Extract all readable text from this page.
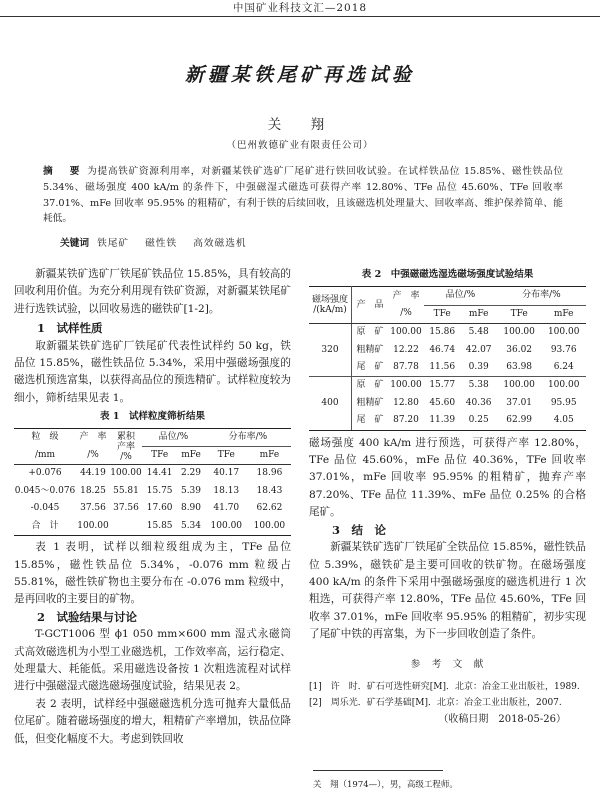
中国矿业科技文汇—2018
新疆某铁尾矿再选试验
关　翔
（巴州敦德矿业有限责任公司）
摘　要 为提高铁矿资源利用率，对新疆某铁矿选矿厂尾矿进行铁回收试验。在试样铁品位 15.85%、磁性铁品位 5.34%、磁场强度 400 kA/m 的条件下，中强磁湿式磁选可获得产率 12.80%、TFe 品位 45.60%、TFe 回收率 37.01%、mFe 回收率 95.95% 的粗精矿，有利于铁的后续回收，且该磁选机处理量大、回收率高、维护保养简单、能耗低。
关键词 铁尾矿 磁性铁 高效磁选机

新疆某铁矿选矿厂铁尾矿铁品位 15.85%，具有较高的回收利用价值。为充分利用现有铁矿资源，对新疆某铁尾矿进行选铁试验，以回收易选的磁铁矿[1-2]。

1　试样性质

取新疆某铁矿选矿厂铁尾矿代表性试样约 50 kg，铁品位 15.85%，磁性铁品位 5.34%，采用中强磁场强度的磁选机预选富集，以获得高品位的预选精矿。试样粒度较为细小，筛析结果见表 1。

表 1　试样粒度筛析结果
粒　级
/mm	产　率
/%	累积
产率
/%	品位/%		分布率/%	
			TFe	mFe	TFe	mFe
+0.076	44.19	100.00	14.41	2.29	40.17	18.96
0.045～0.076	18.25	55.81	15.75	5.39	18.13	18.43
-0.045	37.56	37.56	17.60	8.90	41.70	62.62
合　计	100.00		15.85	5.34	100.00	100.00

表 1 表明，试样以细粒级组成为主，TFe 品位 15.85%，磁性铁品位 5.34%，-0.076 mm 粒级占 55.81%，磁性铁矿物也主要分布在 -0.076 mm 粒级中，是再回收的主要目的矿物。

2　试验结果与讨论

T-GCT1006 型 ϕ1 050 mm×600 mm 湿式永磁筒式高效磁选机为小型工业磁选机，工作效率高，运行稳定、处理量大、耗能低。采用磁选设备按 1 次粗选流程对试样进行中强磁湿式磁选磁场强度试验，结果见表 2。

表 2 表明，试样经中强磁磁选机分选可抛弃大量低品位尾矿。随着磁场强度的增大，粗精矿产率增加，铁品位降低，但变化幅度不大。考虑到铁回收

表 2　中强磁磁选湿选磁场强度试验结果
磁场强度
/(kA/m)	产　品	产　率
/%	品位/%		分布率/%	
			TFe	mFe	TFe	mFe
320	原　矿	100.00	15.86	5.48	100.00	100.00
	粗精矿	12.22	46.74	42.07	36.02	93.76
	尾　矿	87.78	11.56	0.39	63.98	6.24
400	原　矿	100.00	15.77	5.38	100.00	100.00
	粗精矿	12.80	45.60	40.36	37.01	95.95
	尾　矿	87.20	11.39	0.25	62.99	4.05

磁场强度 400 kA/m 进行预选，可获得产率 12.80%，TFe 品位 45.60%，mFe 品位 40.36%，TFe 回收率 37.01%，mFe 回收率 95.95% 的粗精矿，抛弃产率 87.20%、TFe 品位 11.39%、mFe 品位 0.25% 的合格尾矿。

3　结　论

新疆某铁矿选矿厂铁尾矿全铁品位 15.85%，磁性铁品位 5.39%，磁铁矿是主要可回收的铁矿物。在磁场强度 400 kA/m 的条件下采用中强磁场强度的磁选机进行 1 次粗选，可获得产率 12.80%，TFe 品位 45.60%，TFe 回收率 37.01%，mFe 回收率 95.95% 的粗精矿，初步实现了尾矿中铁的再富集，为下一步回收创造了条件。

参　考　文　献
[1]　许　时．矿石可选性研究[M]．北京：冶金工业出版社，1989.
[2]　周乐光．矿石学基础[M]．北京：冶金工业出版社，2007.
（收稿日期　2018-05-26）
关　翔（1974—），男，高级工程师。
